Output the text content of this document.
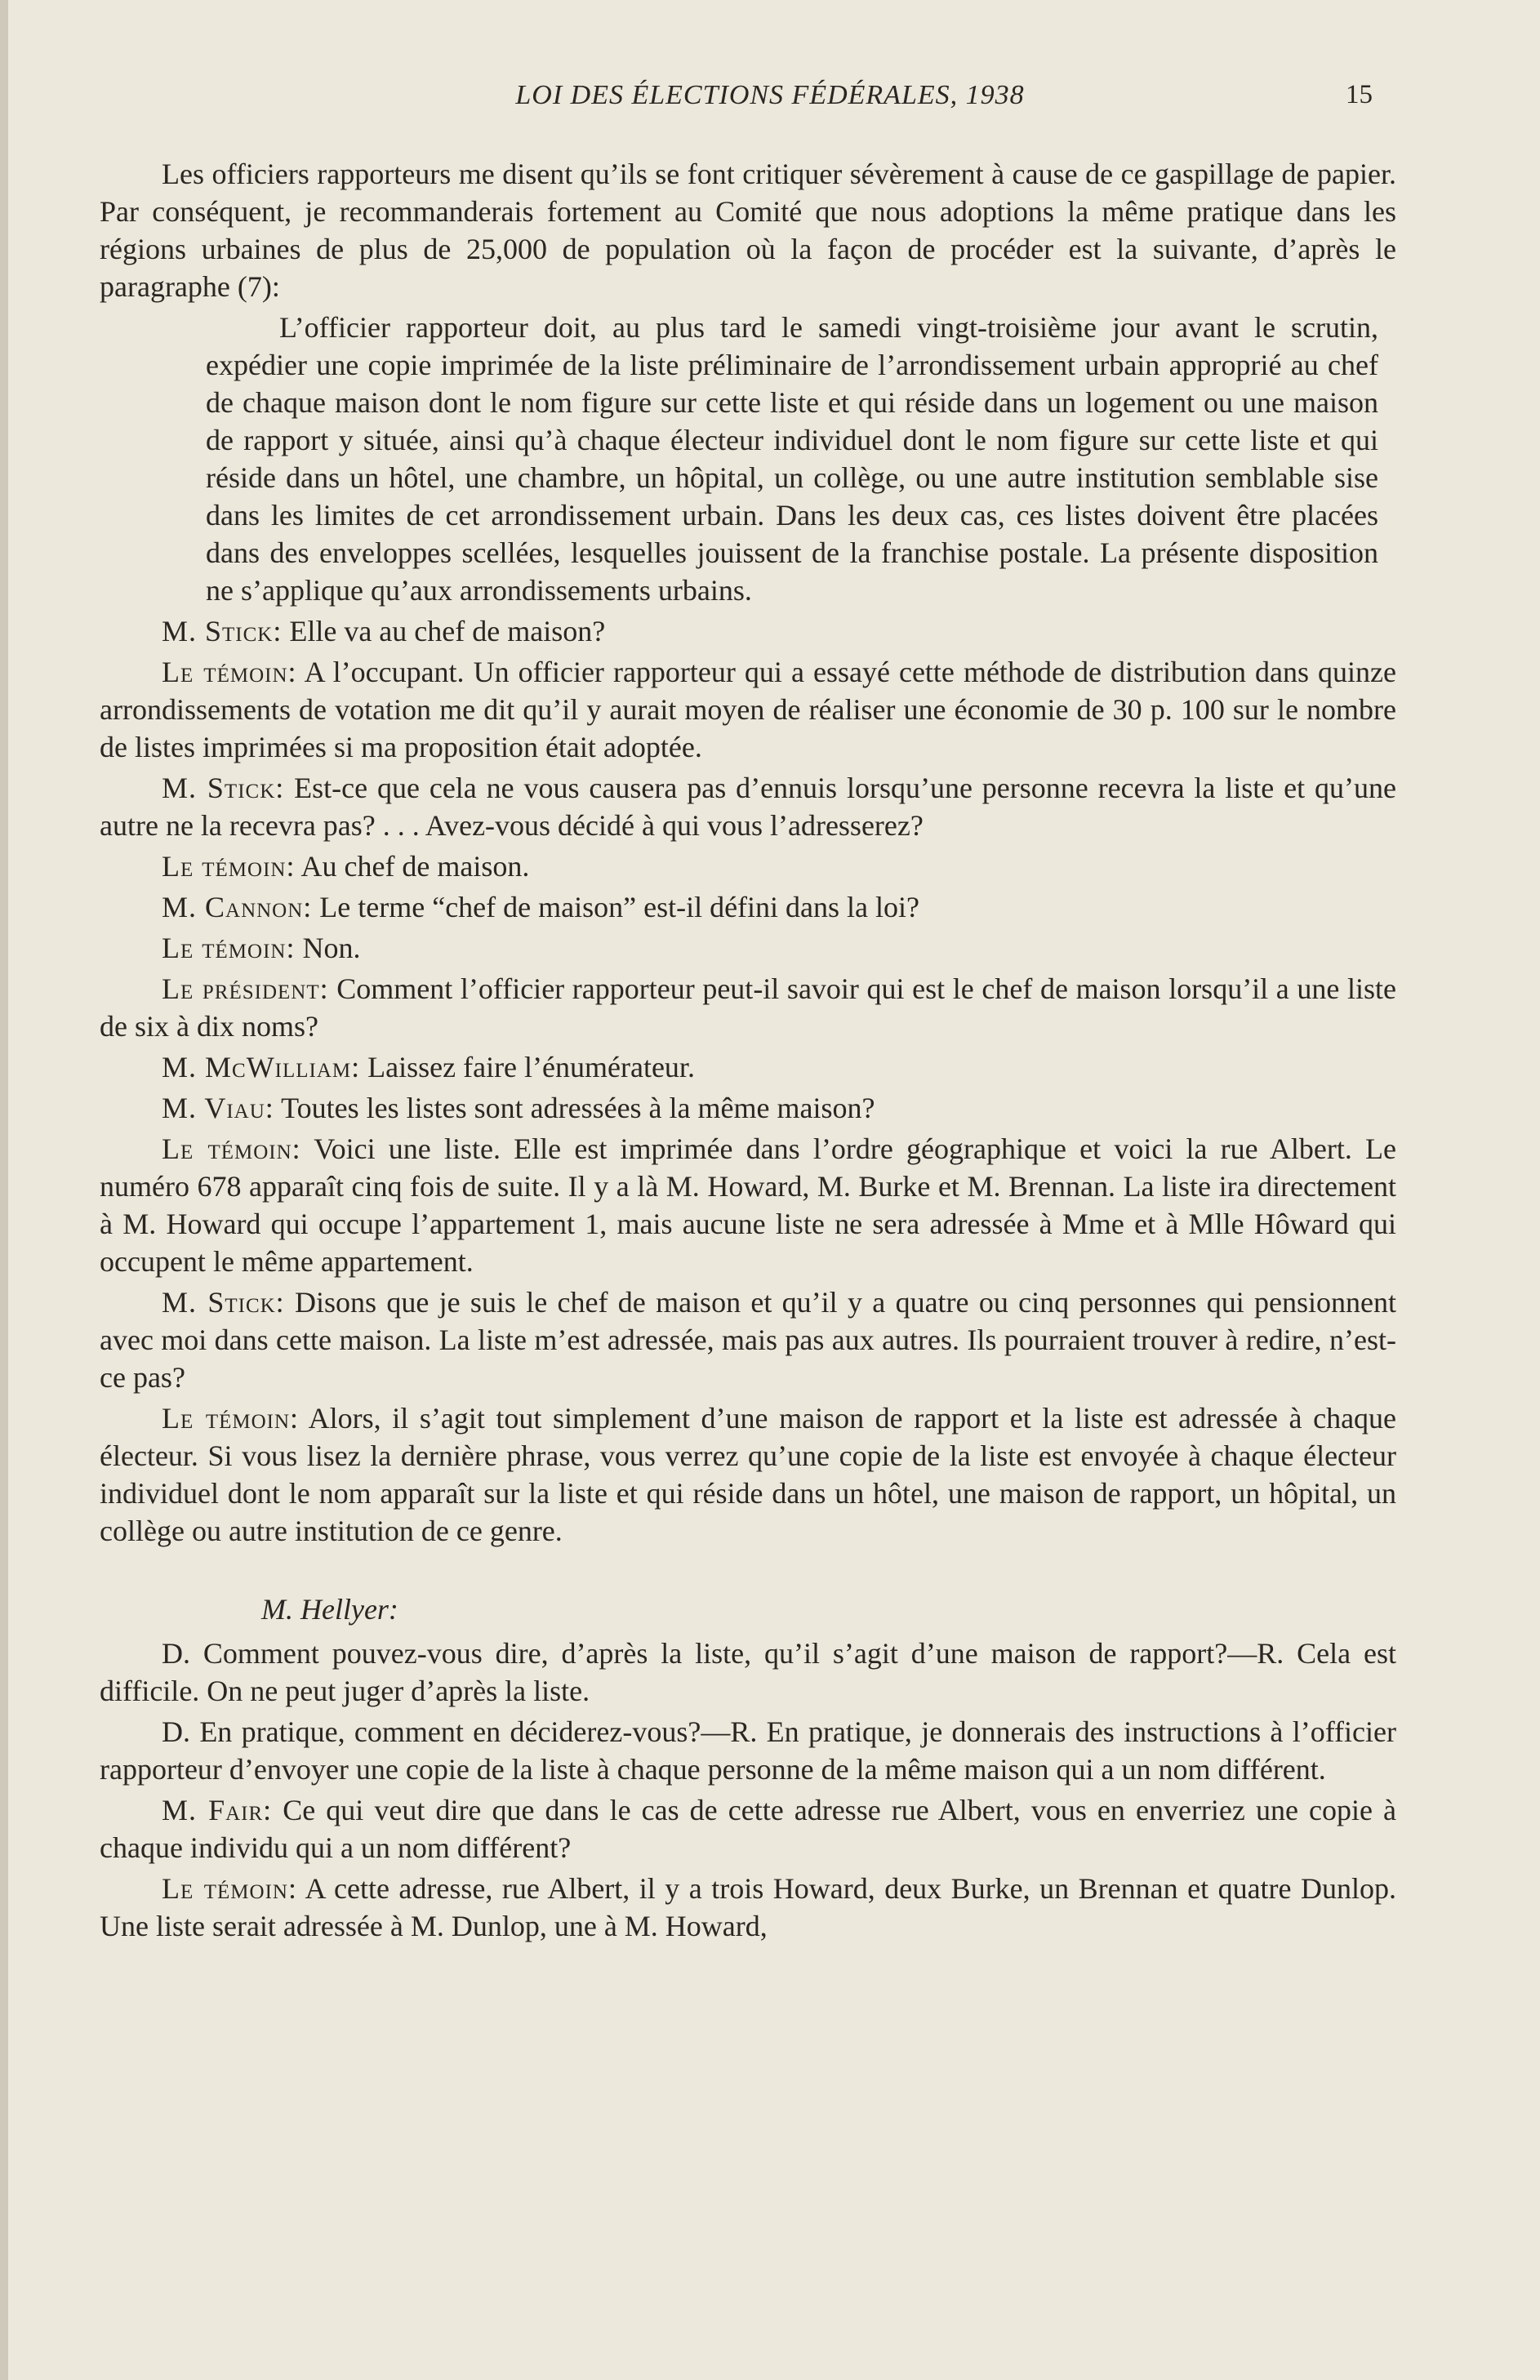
LOI DES ÉLECTIONS FÉDÉRALES, 1938	15

Les officiers rapporteurs me disent qu’ils se font critiquer sévèrement à cause de ce gaspillage de papier. Par conséquent, je recommanderais fortement au Comité que nous adoptions la même pratique dans les régions urbaines de plus de 25,000 de population où la façon de procéder est la suivante, d’après le paragraphe (7):

L’officier rapporteur doit, au plus tard le samedi vingt-troisième jour avant le scrutin, expédier une copie imprimée de la liste préliminaire de l’arrondissement urbain approprié au chef de chaque maison dont le nom figure sur cette liste et qui réside dans un logement ou une maison de rapport y située, ainsi qu’à chaque électeur individuel dont le nom figure sur cette liste et qui réside dans un hôtel, une chambre, un hôpital, un collège, ou une autre institution semblable sise dans les limites de cet arrondissement urbain. Dans les deux cas, ces listes doivent être placées dans des enveloppes scellées, lesquelles jouissent de la franchise postale. La présente disposition ne s’applique qu’aux arrondissements urbains.

M. Stick: Elle va au chef de maison?

Le témoin: A l’occupant. Un officier rapporteur qui a essayé cette méthode de distribution dans quinze arrondissements de votation me dit qu’il y aurait moyen de réaliser une économie de 30 p. 100 sur le nombre de listes imprimées si ma proposition était adoptée.

M. Stick: Est-ce que cela ne vous causera pas d’ennuis lorsqu’une personne recevra la liste et qu’une autre ne la recevra pas? . . . Avez-vous décidé à qui vous l’adresserez?

Le témoin: Au chef de maison.

M. Cannon: Le terme “chef de maison” est-il défini dans la loi?

Le témoin: Non.

Le président: Comment l’officier rapporteur peut-il savoir qui est le chef de maison lorsqu’il a une liste de six à dix noms?

M. McWilliam: Laissez faire l’énumérateur.

M. Viau: Toutes les listes sont adressées à la même maison?

Le témoin: Voici une liste. Elle est imprimée dans l’ordre géographique et voici la rue Albert. Le numéro 678 apparaît cinq fois de suite. Il y a là M. Howard, M. Burke et M. Brennan. La liste ira directement à M. Howard qui occupe l’appartement 1, mais aucune liste ne sera adressée à Mme et à Mlle Hôward qui occupent le même appartement.

M. Stick: Disons que je suis le chef de maison et qu’il y a quatre ou cinq personnes qui pensionnent avec moi dans cette maison. La liste m’est adressée, mais pas aux autres. Ils pourraient trouver à redire, n’est-ce pas?

Le témoin: Alors, il s’agit tout simplement d’une maison de rapport et la liste est adressée à chaque électeur. Si vous lisez la dernière phrase, vous verrez qu’une copie de la liste est envoyée à chaque électeur individuel dont le nom apparaît sur la liste et qui réside dans un hôtel, une maison de rapport, un hôpital, un collège ou autre institution de ce genre.

M. Hellyer:

D. Comment pouvez-vous dire, d’après la liste, qu’il s’agit d’une maison de rapport?—R. Cela est difficile. On ne peut juger d’après la liste.

D. En pratique, comment en déciderez-vous?—R. En pratique, je donnerais des instructions à l’officier rapporteur d’envoyer une copie de la liste à chaque personne de la même maison qui a un nom différent.

M. Fair: Ce qui veut dire que dans le cas de cette adresse rue Albert, vous en enverriez une copie à chaque individu qui a un nom différent?

Le témoin: A cette adresse, rue Albert, il y a trois Howard, deux Burke, un Brennan et quatre Dunlop. Une liste serait adressée à M. Dunlop, une à M. Howard,
